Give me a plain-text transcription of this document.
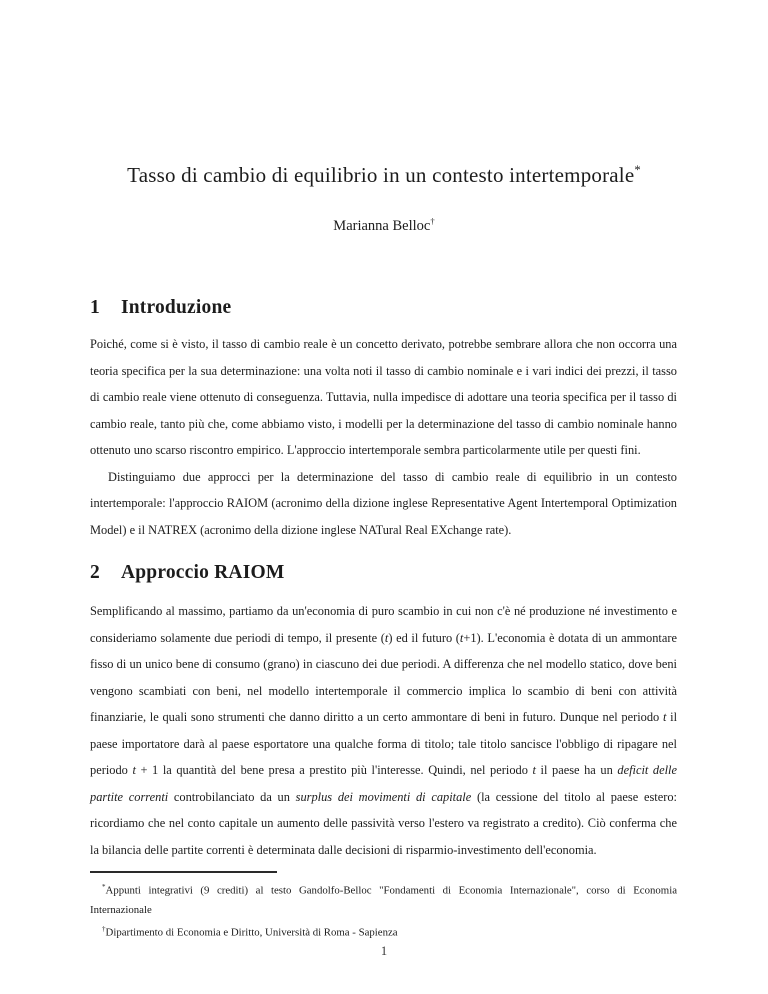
Tasso di cambio di equilibrio in un contesto intertemporale*
Marianna Belloc†
1 Introduzione

Poiché, come si è visto, il tasso di cambio reale è un concetto derivato, potrebbe sembrare allora che non occorra una teoria specifica per la sua determinazione: una volta noti il tasso di cambio nominale e i vari indici dei prezzi, il tasso di cambio reale viene ottenuto di conseguenza. Tuttavia, nulla impedisce di adottare una teoria specifica per il tasso di cambio reale, tanto più che, come abbiamo visto, i modelli per la determinazione del tasso di cambio nominale hanno ottenuto uno scarso riscontro empirico. L'approccio intertemporale sembra particolarmente utile per questi fini.

Distinguiamo due approcci per la determinazione del tasso di cambio reale di equilibrio in un contesto intertemporale: l'approccio RAIOM (acronimo della dizione inglese Representative Agent Intertemporal Optimization Model) e il NATREX (acronimo della dizione inglese NATural Real EXchange rate).

2 Approccio RAIOM

Semplificando al massimo, partiamo da un'economia di puro scambio in cui non c'è né produzione né investimento e consideriamo solamente due periodi di tempo, il presente (t) ed il futuro (t+1). L'economia è dotata di un ammontare fisso di un unico bene di consumo (grano) in ciascuno dei due periodi. A differenza che nel modello statico, dove beni vengono scambiati con beni, nel modello intertemporale il commercio implica lo scambio di beni con attività finanziarie, le quali sono strumenti che danno diritto a un certo ammontare di beni in futuro. Dunque nel periodo t il paese importatore darà al paese esportatore una qualche forma di titolo; tale titolo sancisce l'obbligo di ripagare nel periodo t + 1 la quantità del bene presa a prestito più l'interesse. Quindi, nel periodo t il paese ha un deficit delle partite correnti controbilanciato da un surplus dei movimenti di capitale (la cessione del titolo al paese estero: ricordiamo che nel conto capitale un aumento delle passività verso l'estero va registrato a credito). Ciò conferma che la bilancia delle partite correnti è determinata dalle decisioni di risparmio-investimento dell'economia.

*Appunti integrativi (9 crediti) al testo Gandolfo-Belloc "Fondamenti di Economia Internazionale", corso di Economia Internazionale

†Dipartimento di Economia e Diritto, Università di Roma - Sapienza

1
